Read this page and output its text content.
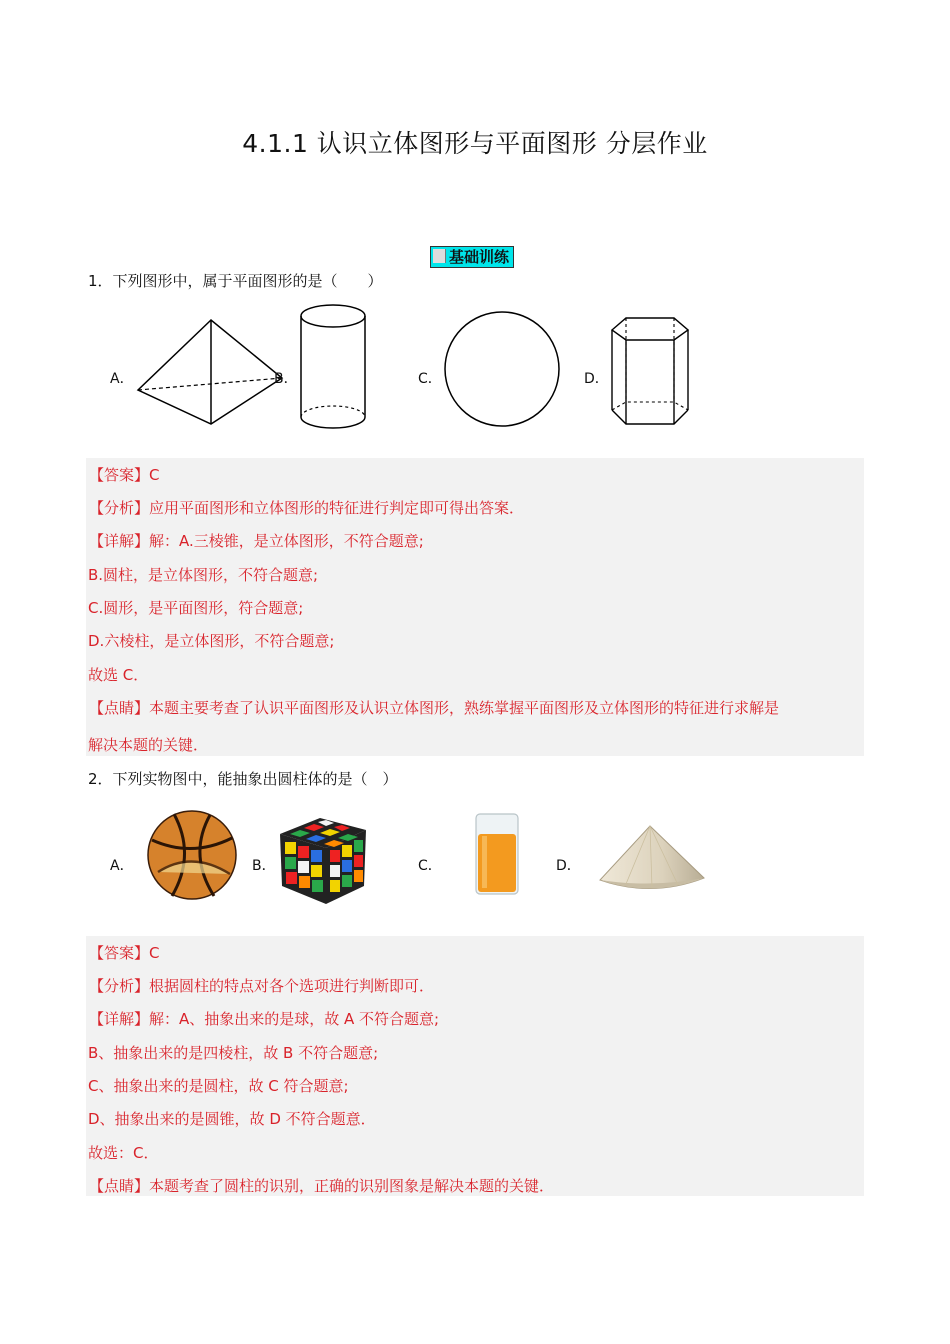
4.1.1 认识立体图形与平面图形 分层作业
基础训练
1．下列图形中，属于平面图形的是（　　）
A．	B．	C．	D．
【答案】C
【分析】应用平面图形和立体图形的特征进行判定即可得出答案．
【详解】解：A.三棱锥，是立体图形，不符合题意;
B.圆柱，是立体图形，不符合题意;
C.圆形，是平面图形，符合题意;
D.六棱柱，是立体图形，不符合题意;
故选 C．
【点睛】本题主要考查了认识平面图形及认识立体图形，熟练掌握平面图形及立体图形的特征进行求解是
解决本题的关键．
2．下列实物图中，能抽象出圆柱体的是（　）
A．	B．	C．	D．
【答案】C
【分析】根据圆柱的特点对各个选项进行判断即可．
【详解】解：A、抽象出来的是球，故 A 不符合题意;
B、抽象出来的是四棱柱，故 B 不符合题意;
C、抽象出来的是圆柱，故 C 符合题意;
D、抽象出来的是圆锥，故 D 不符合题意．
故选：C．
【点睛】本题考查了圆柱的识别，正确的识别图象是解决本题的关键．
